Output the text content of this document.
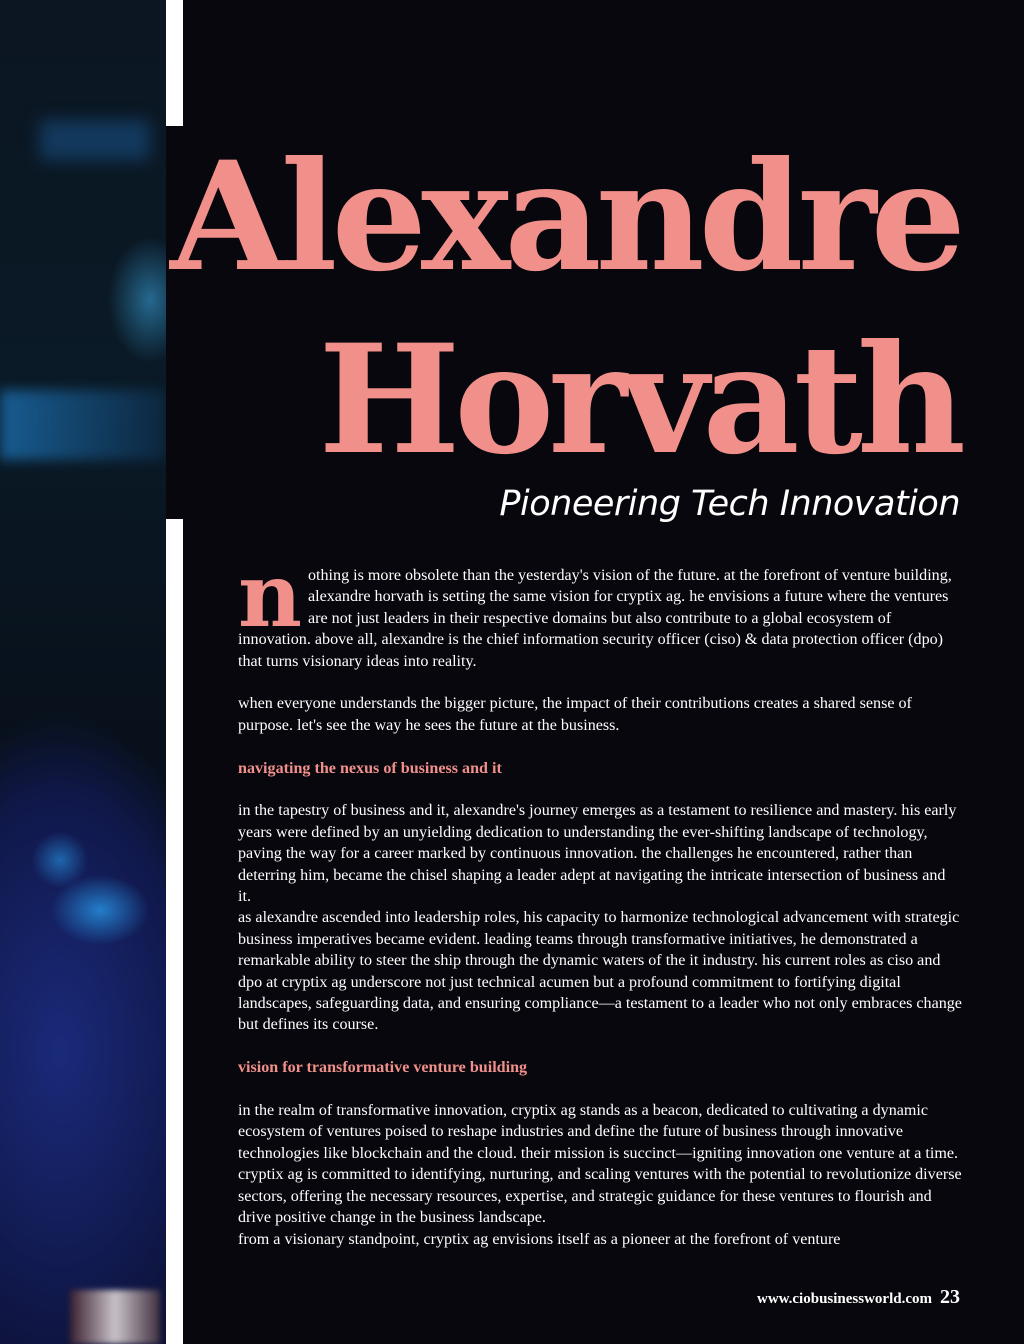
Alexandre
Horvath
Pioneering Tech Innovation

nothing is more obsolete than the yesterday's vision of the future. at the forefront of venture building, alexandre horvath is setting the same vision for cryptix ag. he envisions a future where the ventures are not just leaders in their respective domains but also contribute to a global ecosystem of innovation. above all, alexandre is the chief information security officer (ciso) & data protection officer (dpo) that turns visionary ideas into reality.

when everyone understands the bigger picture, the impact of their contributions creates a shared sense of purpose. let's see the way he sees the future at the business.

navigating the nexus of business and it

in the tapestry of business and it, alexandre's journey emerges as a testament to resilience and mastery. his early years were defined by an unyielding dedication to understanding the ever-shifting landscape of technology, paving the way for a career marked by continuous innovation. the challenges he encountered, rather than deterring him, became the chisel shaping a leader adept at navigating the intricate intersection of business and it.

as alexandre ascended into leadership roles, his capacity to harmonize technological advancement with strategic business imperatives became evident. leading teams through transformative initiatives, he demonstrated a remarkable ability to steer the ship through the dynamic waters of the it industry. his current roles as ciso and dpo at cryptix ag underscore not just technical acumen but a profound commitment to fortifying digital landscapes, safeguarding data, and ensuring compliance—a testament to a leader who not only embraces change but defines its course.

vision for transformative venture building

in the realm of transformative innovation, cryptix ag stands as a beacon, dedicated to cultivating a dynamic ecosystem of ventures poised to reshape industries and define the future of business through innovative technologies like blockchain and the cloud. their mission is succinct—igniting innovation one venture at a time. cryptix ag is committed to identifying, nurturing, and scaling ventures with the potential to revolutionize diverse sectors, offering the necessary resources, expertise, and strategic guidance for these ventures to flourish and drive positive change in the business landscape.

from a visionary standpoint, cryptix ag envisions itself as a pioneer at the forefront of venture

www.ciobusinessworld.com 23
